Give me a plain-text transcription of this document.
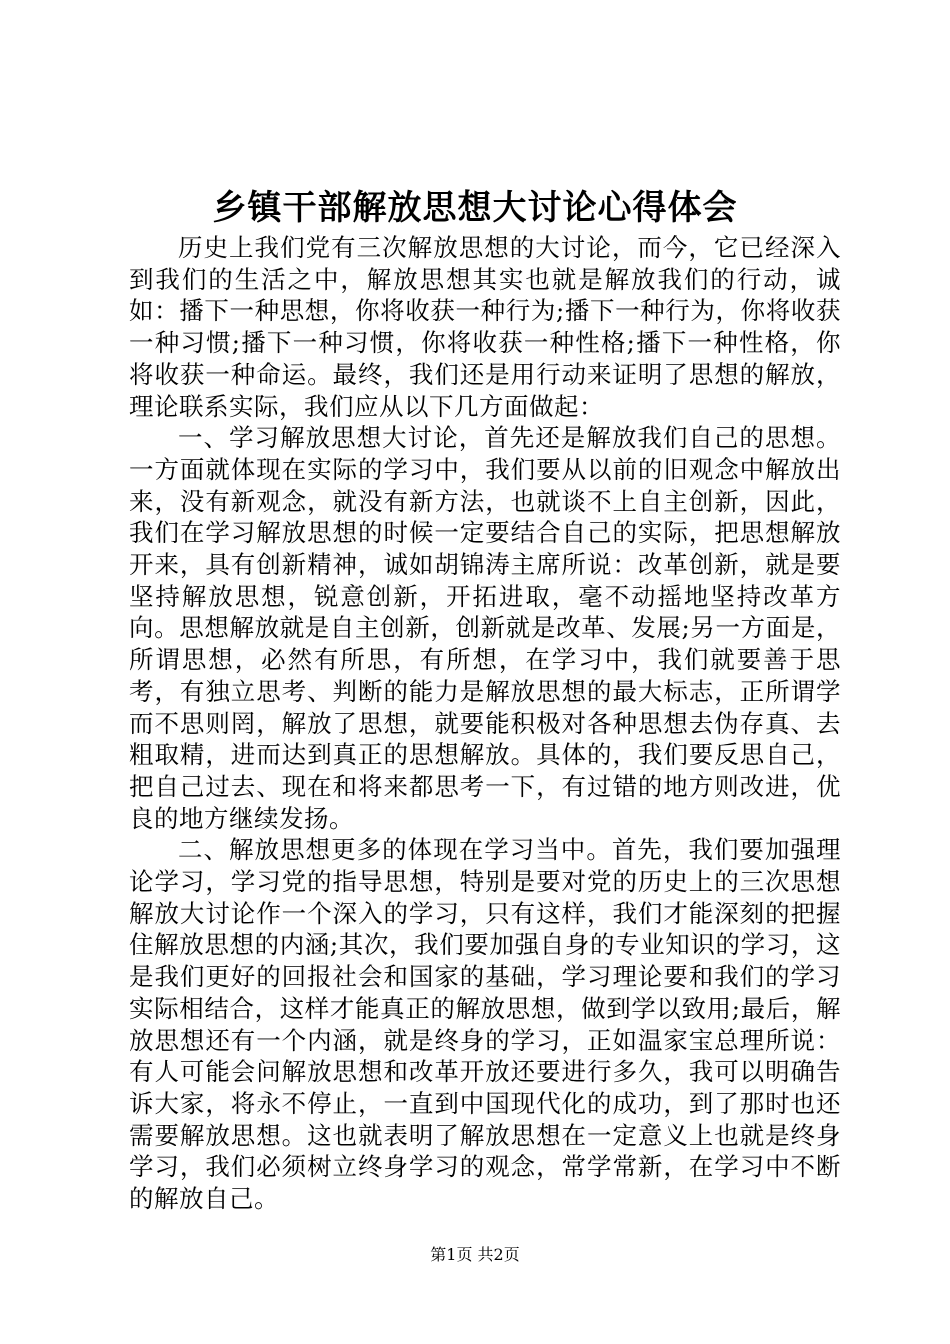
乡镇干部解放思想大讨论心得体会

历史上我们党有三次解放思想的大讨论，而今，它已经深入到我们的生活之中，解放思想其实也就是解放我们的行动，诚如：播下一种思想，你将收获一种行为;播下一种行为，你将收获一种习惯;播下一种习惯，你将收获一种性格;播下一种性格，你将收获一种命运。最终，我们还是用行动来证明了思想的解放，理论联系实际，我们应从以下几方面做起：

一、学习解放思想大讨论，首先还是解放我们自己的思想。一方面就体现在实际的学习中，我们要从以前的旧观念中解放出来，没有新观念，就没有新方法，也就谈不上自主创新，因此，我们在学习解放思想的时候一定要结合自己的实际，把思想解放开来，具有创新精神，诚如胡锦涛主席所说：改革创新，就是要坚持解放思想，锐意创新，开拓进取，毫不动摇地坚持改革方向。思想解放就是自主创新，创新就是改革、发展;另一方面是，所谓思想，必然有所思，有所想，在学习中，我们就要善于思考，有独立思考、判断的能力是解放思想的最大标志，正所谓学而不思则罔，解放了思想，就要能积极对各种思想去伪存真、去粗取精，进而达到真正的思想解放。具体的，我们要反思自己，把自己过去、现在和将来都思考一下，有过错的地方则改进，优良的地方继续发扬。

二、解放思想更多的体现在学习当中。首先，我们要加强理论学习，学习党的指导思想，特别是要对党的历史上的三次思想解放大讨论作一个深入的学习，只有这样，我们才能深刻的把握住解放思想的内涵;其次，我们要加强自身的专业知识的学习，这是我们更好的回报社会和国家的基础，学习理论要和我们的学习实际相结合，这样才能真正的解放思想，做到学以致用;最后，解放思想还有一个内涵，就是终身的学习，正如温家宝总理所说：有人可能会问解放思想和改革开放还要进行多久，我可以明确告诉大家，将永不停止，一直到中国现代化的成功，到了那时也还需要解放思想。这也就表明了解放思想在一定意义上也就是终身学习，我们必须树立终身学习的观念，常学常新，在学习中不断的解放自己。

第1页 共2页
